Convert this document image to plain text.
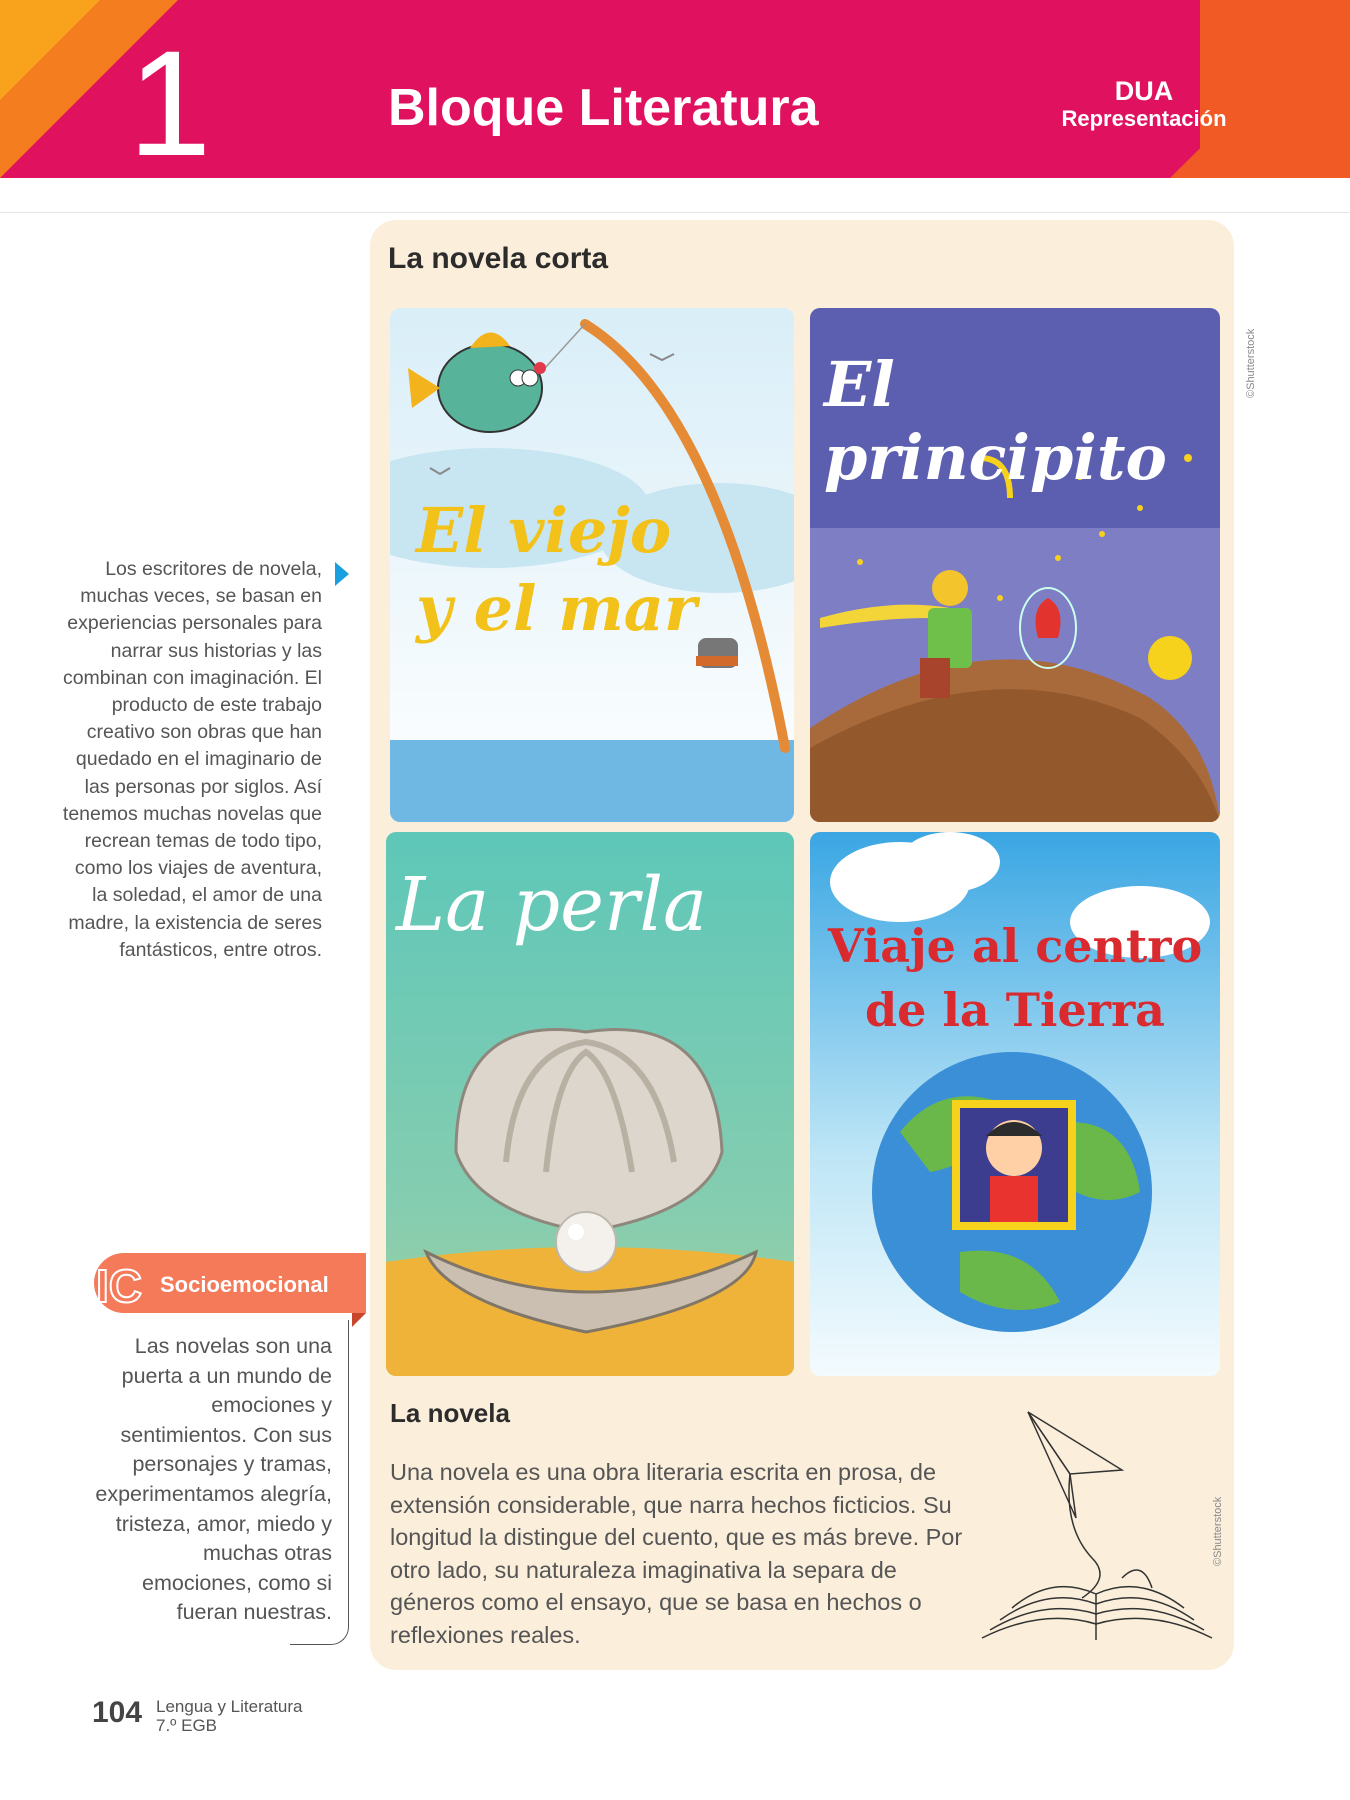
1	Bloque Literatura	DUA
Representación
Los escritores de novela, muchas veces, se basan en experiencias personales para narrar sus historias y las combinan con imaginación. El producto de este trabajo creativo son obras que han quedado en el imaginario de las personas por siglos. Así tenemos muchas novelas que recrean temas de todo tipo, como los viajes de aventura, la soledad, el amor de una madre, la existencia de seres fantásticos, entre otros.
IC Socioemocional
Las novelas son una puerta a un mundo de emociones y sentimientos. Con sus personajes y tramas, experimentamos alegría, tristeza, amor, miedo y muchas otras emociones, como si fueran nuestras.
La novela corta
©Shutterstock
El viejo
y el mar
El principito
La perla	Viaje al centro
de la Tierra
La novela
Una novela es una obra literaria escrita en prosa, de extensión considerable, que narra hechos ficticios. Su longitud la distingue del cuento, que es más breve. Por otro lado, su naturaleza imaginativa la separa de géneros como el ensayo, que se basa en hechos o reflexiones reales.
©Shutterstock
104 Lengua y Literatura
7.º EGB
